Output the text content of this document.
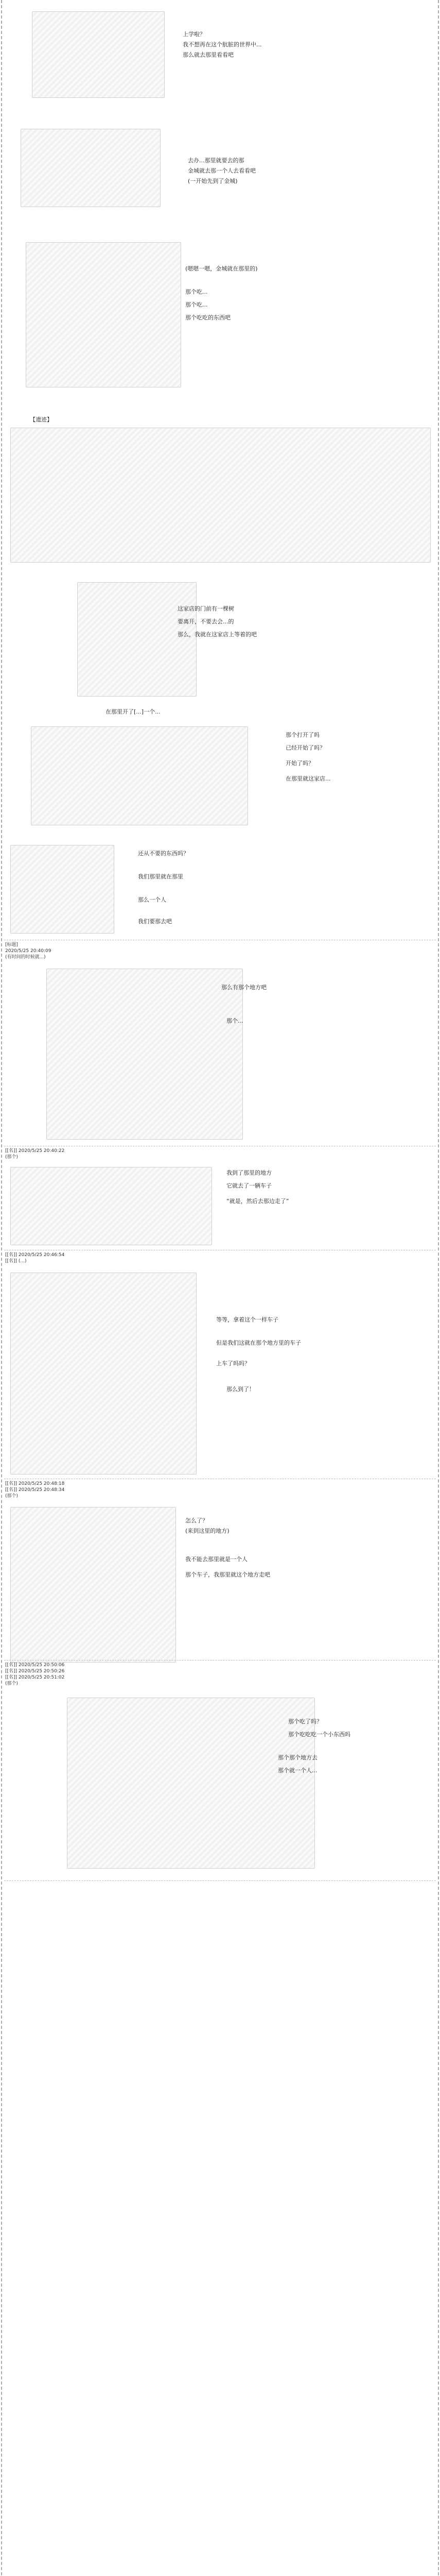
上学啦？
我不想再在这个肮脏的世界中...
那么就去那里看看吧
去办...那里就要去的那
金城就去那一个人去看看吧
(一开始先到了金城)
(嗯嗯一嗯，金城就在那里的)
那个吃...
那个吃...
那个吃吃的东西吧
【遗迹】
这家店的门前有一棵树
要离开，不要去会...的
那么，我就在这家店上等着的吧
在那里开了[...]一个...
那个打开了吗
已经开始了吗？
开始了吗？
在那里就这家店...
还从不要的东西吗？
我们那里就在那里
那么一个人
我们要那去吧
[标题]
2020/5/25 20:40:09
(有时间的时候就...)
那么有那个地方吧
那个...
[[名]] 2020/5/25 20:40:22
(那个)
我到了那里的地方
它就去了一辆车子
“就是，然后去那边走了”
[[名]] 2020/5/25 20:46:54
[[名]] (...)
等等，拿着这个一样车子
但是我们这就在那个地方里的车子
上车了吗吗？
那么到了！
[[名]] 2020/5/25 20:48:18
[[名]] 2020/5/25 20:48:34
(那个)
怎么了？
(来到这里的地方)
我不能去那里就是一个人
那个车子，我那里就这个地方走吧
[[名]] 2020/5/25 20:50:06
[[名]] 2020/5/25 20:50:26
[[名]] 2020/5/25 20:51:02
(那个)
那个吃了吗？
那个吃吃吃一个小东西吗
那个那个地方去
那个就一个人...
